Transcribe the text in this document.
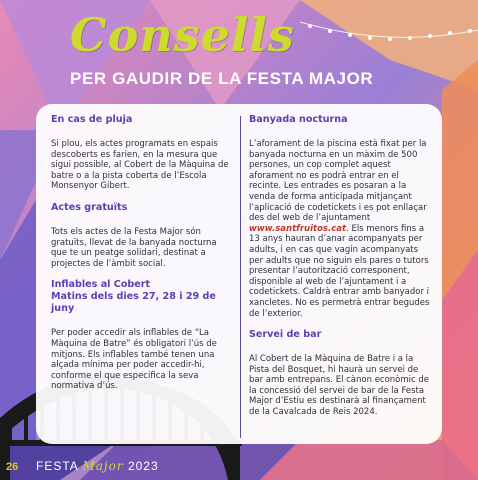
Consells
PER GAUDIR DE LA FESTA MAJOR
En cas de pluja
Si plou, els actes programats en espais descoberts es farien, en la mesura que sigui possible, al Cobert de la Màquina de batre o a la pista coberta de l’Escola Monsenyor Gibert.
Actes gratuïts
Tots els actes de la Festa Major són gratuïts, llevat de la banyada nocturna que te un peatge solidari, destinat a projectes de l’àmbit social.
Inflables al Cobert
Matins dels dies 27, 28 i 29 de juny
Per poder accedir als inflables de “La Màquina de Batre” és obligatori l’ús de mitjons. Els inflables també tenen una alçada mínima per poder accedir-hi, conforme el que especifica la seva normativa d’ús.
Banyada nocturna
L’aforament de la piscina està fixat per la banyada nocturna en un màxim de 500 persones, un cop complet aquest aforament no es podrà entrar en el recinte. Les entrades es posaran a la venda de forma anticipada mitjançant l’aplicació de codetickets i es pot enllaçar des del web de l’ajuntament www.santfruitos.cat. Els menors fins a 13 anys hauran d’anar acompanyats per adults, i en cas que vagin acompanyats per adults que no siguin els pares o tutors presentar l’autorització corresponent, disponible al web de l’ajuntament i a codetickets. Caldrà entrar amb banyador i xancletes. No es permetrà entrar begudes de l’exterior.
Servei de bar
Al Cobert de la Màquina de Batre i a la Pista del Bosquet, hi haurà un servei de bar amb entrepans. El cànon econòmic de la concessió del servei de bar de la Festa Major d’Estiu es destinarà al finançament de la Cavalcada de Reis 2024.
26 FESTA Major 2023
